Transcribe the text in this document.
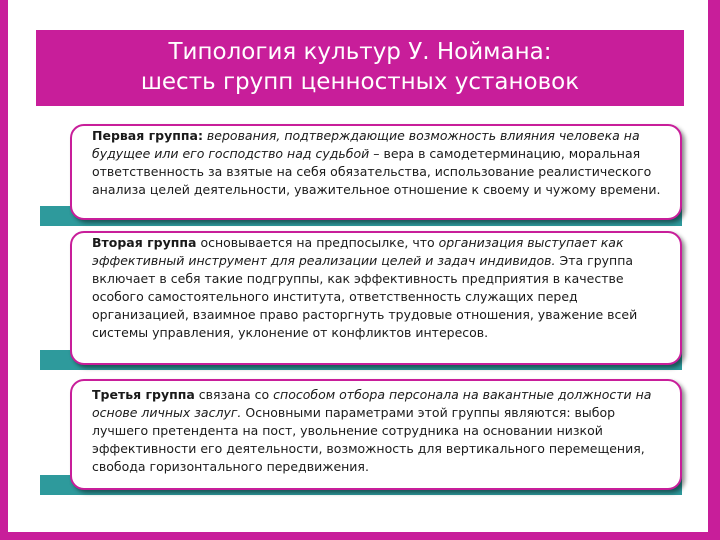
Типология культур У. Ноймана:
шесть групп ценностных установок
Первая группа: верования, подтверждающие возможность влияния человека на будущее или его господство над судьбой – вера в самодетерминацию, моральная ответственность за взятые на себя обязательства, использование реалистического анализа целей деятельности, уважительное отношение к своему и чужому времени.
Вторая группа основывается на предпосылке, что организация выступает как эффективный инструмент для реализации целей и задач индивидов. Эта группа включает в себя такие подгруппы, как эффективность предприятия в качестве особого самостоятельного института, ответственность служащих перед организацией, взаимное право расторгнуть трудовые отношения, уважение всей системы управления, уклонение от конфликтов интересов.
Третья группа связана со способом отбора персонала на вакантные должности на основе личных заслуг. Основными параметрами этой группы являются: выбор лучшего претендента на пост, увольнение сотрудника на основании низкой эффективности его деятельности, возможность для вертикального перемещения, свобода горизонтального передвижения.
